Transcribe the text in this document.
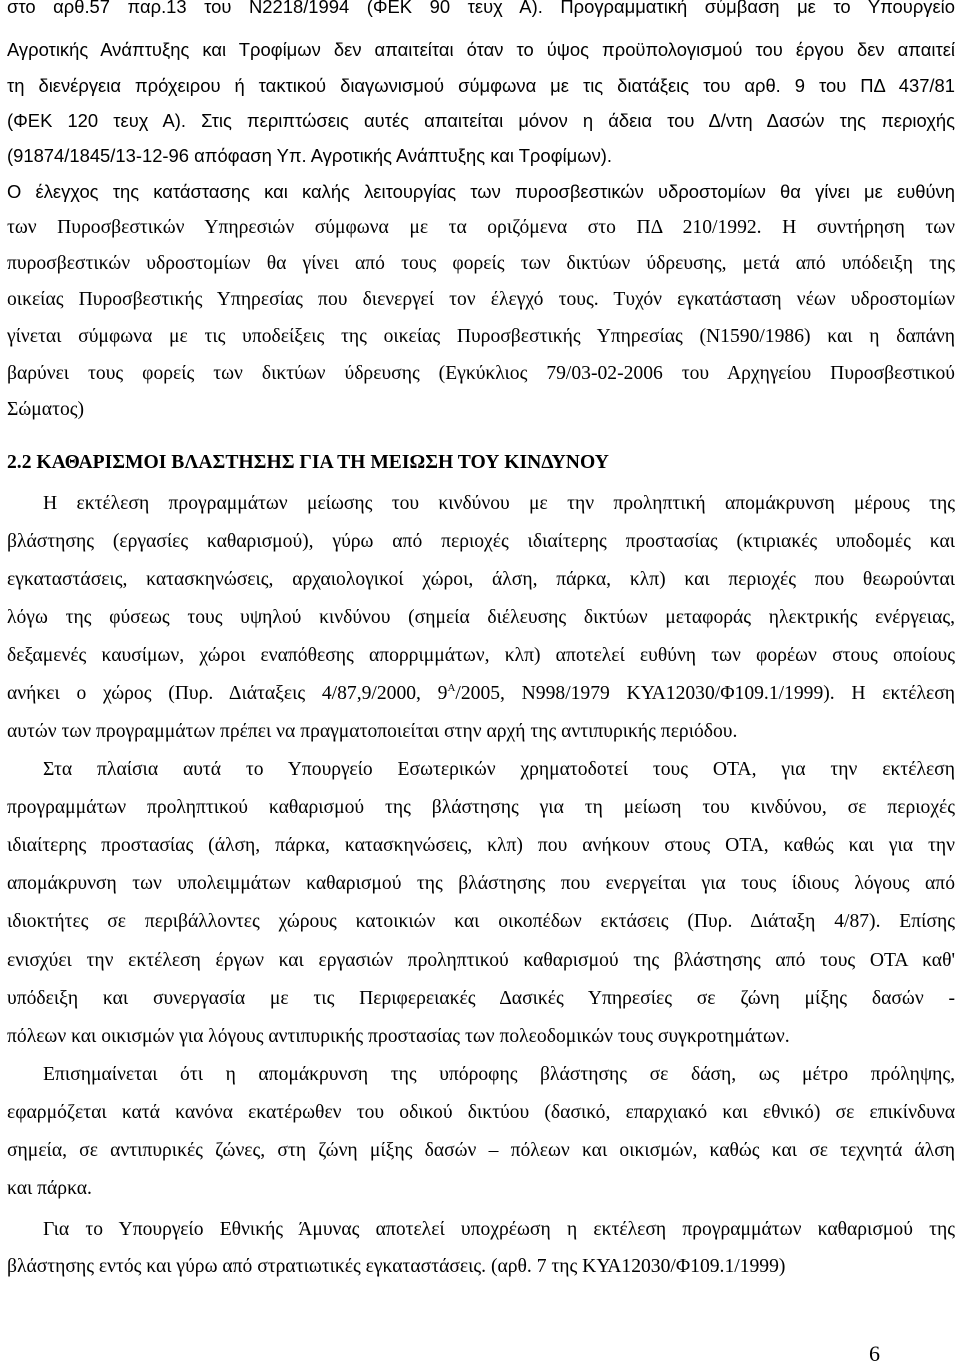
στο αρθ.57 παρ.13 του Ν2218/1994 (ΦΕΚ 90 τευχ Α). Προγραμματική σύμβαση με το Υπουργείο
Αγροτικής Ανάπτυξης και Τροφίμων δεν απαιτείται όταν το ύψος προϋπολογισμού του έργου δεν απαιτεί
τη διενέργεια πρόχειρου ή τακτικού διαγωνισμού σύμφωνα με τις διατάξεις του αρθ. 9 του ΠΔ 437/81
(ΦΕΚ 120 τευχ Α). Στις περιπτώσεις αυτές απαιτείται μόνον η άδεια του Δ/ντη Δασών της περιοχής
(91874/1845/13-12-96 απόφαση Υπ. Αγροτικής Ανάπτυξης και Τροφίμων).
Ο έλεγχος της κατάστασης και καλής λειτουργίας των πυροσβεστικών υδροστομίων θα γίνει με ευθύνη
των Πυροσβεστικών Υπηρεσιών σύμφωνα με τα οριζόμενα στο ΠΔ 210/1992. Η συντήρηση των
πυροσβεστικών υδροστομίων θα γίνει από τους φορείς των δικτύων ύδρευσης, μετά από υπόδειξη της
οικείας Πυροσβεστικής Υπηρεσίας που διενεργεί τον έλεγχό τους. Τυχόν εγκατάσταση νέων υδροστομίων
γίνεται σύμφωνα με τις υποδείξεις της οικείας Πυροσβεστικής Υπηρεσίας (Ν1590/1986) και η δαπάνη
βαρύνει τους φορείς των δικτύων ύδρευσης (Εγκύκλιος 79/03-02-2006 του Αρχηγείου Πυροσβεστικού
Σώματος)
2.2 ΚΑΘΑΡΙΣΜΟΙ ΒΛΑΣΤΗΣΗΣ ΓΙΑ ΤΗ ΜΕΙΩΣΗ ΤΟΥ ΚΙΝΔΥΝΟΥ
Η εκτέλεση προγραμμάτων μείωσης του κινδύνου με την προληπτική απομάκρυνση μέρους της
βλάστησης (εργασίες καθαρισμού), γύρω από περιοχές ιδιαίτερης προστασίας (κτιριακές υποδομές και
εγκαταστάσεις, κατασκηνώσεις, αρχαιολογικοί χώροι, άλση, πάρκα, κλπ) και περιοχές που θεωρούνται
λόγω της φύσεως τους υψηλού κινδύνου (σημεία διέλευσης δικτύων μεταφοράς ηλεκτρικής ενέργειας,
δεξαμενές καυσίμων, χώροι εναπόθεσης απορριμμάτων, κλπ) αποτελεί ευθύνη των φορέων στους οποίους
ανήκει ο χώρος (Πυρ. Διάταξεις 4/87,9/2000, $9^A/2005$, Ν998/1979 ΚΥΑ12030/Φ109.1/1999). Η εκτέλεση
αυτών των προγραμμάτων πρέπει να πραγματοποιείται στην αρχή της αντιπυρικής περιόδου.
Στα πλαίσια αυτά το Υπουργείο Εσωτερικών χρηματοδοτεί τους ΟΤΑ, για την εκτέλεση
προγραμμάτων προληπτικού καθαρισμού της βλάστησης για τη μείωση του κινδύνου, σε περιοχές
ιδιαίτερης προστασίας (άλση, πάρκα, κατασκηνώσεις, κλπ) που ανήκουν στους ΟΤΑ, καθώς και για την
απομάκρυνση των υπολειμμάτων καθαρισμού της βλάστησης που ενεργείται για τους ίδιους λόγους από
ιδιοκτήτες σε περιβάλλοντες χώρους κατοικιών και οικοπέδων εκτάσεις (Πυρ. Διάταξη 4/87). Επίσης
ενισχύει την εκτέλεση έργων και εργασιών προληπτικού καθαρισμού της βλάστησης από τους ΟΤΑ καθ'
υπόδειξη και συνεργασία με τις Περιφερειακές Δασικές Υπηρεσίες σε ζώνη μίξης δασών -
πόλεων και οικισμών για λόγους αντιπυρικής προστασίας των πολεοδομικών τους συγκροτημάτων.
Επισημαίνεται ότι η απομάκρυνση της υπόροφης βλάστησης σε δάση, ως μέτρο πρόληψης,
εφαρμόζεται κατά κανόνα εκατέρωθεν του οδικού δικτύου (δασικό, επαρχιακό και εθνικό) σε επικίνδυνα
σημεία, σε αντιπυρικές ζώνες, στη ζώνη μίξης δασών – πόλεων και οικισμών, καθώς και σε τεχνητά άλση
και πάρκα.
Για το Υπουργείο Εθνικής Άμυνας αποτελεί υποχρέωση η εκτέλεση προγραμμάτων καθαρισμού της
βλάστησης εντός και γύρω από στρατιωτικές εγκαταστάσεις. (αρθ. 7 της ΚΥΑ12030/Φ109.1/1999)
6
